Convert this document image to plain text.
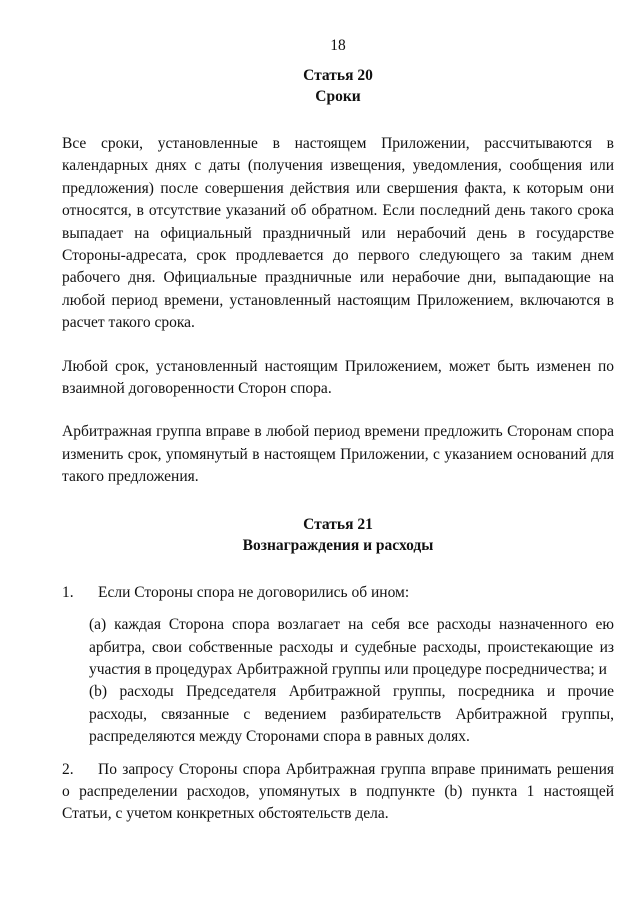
18
Статья 20
Сроки

Все сроки, установленные в настоящем Приложении, рассчитываются в календарных днях с даты (получения извещения, уведомления, сообщения или предложения) после совершения действия или свершения факта, к которым они относятся, в отсутствие указаний об обратном. Если последний день такого срока выпадает на официальный праздничный или нерабочий день в государстве Стороны-адресата, срок продлевается до первого следующего за таким днем рабочего дня. Официальные праздничные или нерабочие дни, выпадающие на любой период времени, установленный настоящим Приложением, включаются в расчет такого срока.

Любой срок, установленный настоящим Приложением, может быть изменен по взаимной договоренности Сторон спора.

Арбитражная группа вправе в любой период времени предложить Сторонам спора изменить срок, упомянутый в настоящем Приложении, с указанием оснований для такого предложения.

Статья 21
Вознаграждения и расходы
1. Если Стороны спора не договорились об ином:
(a) каждая Сторона спора возлагает на себя все расходы назначенного ею арбитра, свои собственные расходы и судебные расходы, проистекающие из участия в процедурах Арбитражной группы или процедуре посредничества; и
(b) расходы Председателя Арбитражной группы, посредника и прочие расходы, связанные с ведением разбирательств Арбитражной группы, распределяются между Сторонами спора в равных долях.
2. По запросу Стороны спора Арбитражная группа вправе принимать решения о распределении расходов, упомянутых в подпункте (b) пункта 1 настоящей Статьи, с учетом конкретных обстоятельств дела.
